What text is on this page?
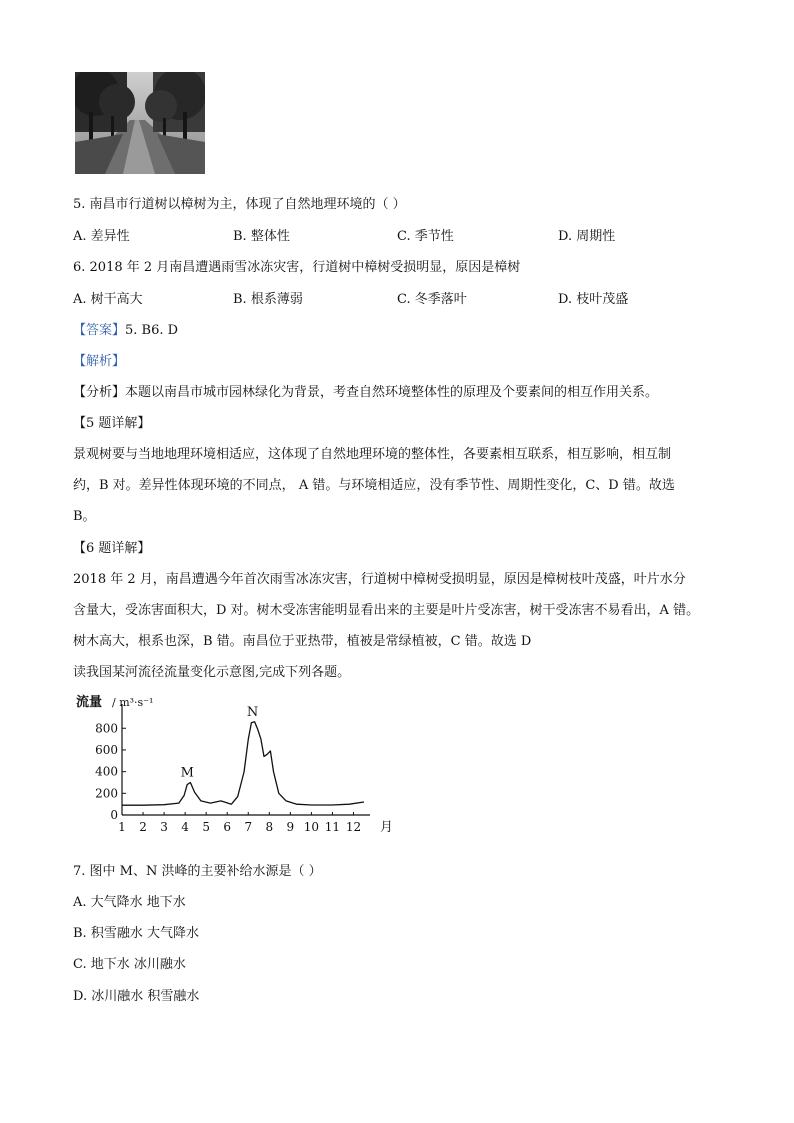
5. 南昌市行道树以樟树为主，体现了自然地理环境的（ ）
A. 差异性	B. 整体性	C. 季节性	D. 周期性
6. 2018 年 2 月南昌遭遇雨雪冰冻灾害，行道树中樟树受损明显，原因是樟树
A. 树干高大	B. 根系薄弱	C. 冬季落叶	D. 枝叶茂盛
【答案】5. B6. D
【解析】
【分析】本题以南昌市城市园林绿化为背景，考查自然环境整体性的原理及个要素间的相互作用关系。
【5 题详解】
景观树要与当地地理环境相适应，这体现了自然地理环境的整体性，各要素相互联系，相互影响，相互制
约，B 对。差异性体现环境的不同点， A 错。与环境相适应，没有季节性、周期性变化，C、D 错。故选
B。
【6 题详解】
2018 年 2 月，南昌遭遇今年首次雨雪冰冻灾害，行道树中樟树受损明显，原因是樟树枝叶茂盛，叶片水分
含量大，受冻害面积大，D 对。树木受冻害能明显看出来的主要是叶片受冻害，树干受冻害不易看出，A 错。
树木高大，根系也深，B 错。南昌位于亚热带，植被是常绿植被，C 错。故选 D
读我国某河流径流量变化示意图,完成下列各题。
流量 / m³·s⁻¹
月
0
200
400
600
800
1 2 3 4 5 6 7 8 9 10 11 12
M
N
7. 图中 M、N 洪峰的主要补给水源是（ ）
A. 大气降水 地下水
B. 积雪融水 大气降水
C. 地下水 冰川融水
D. 冰川融水 积雪融水
